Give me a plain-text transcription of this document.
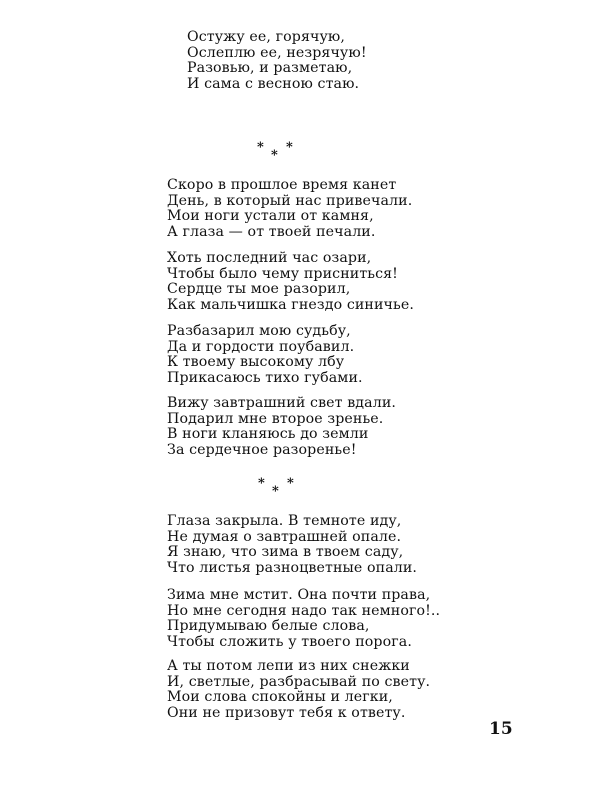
Остужу ее, горячую,
Ослеплю ее, незрячую!
Разовью, и разметаю,
И сама с весною стаю.
*
*
*
Скоро в прошлое время канет
День, в который нас привечали.
Мои ноги устали от камня,
А глаза — от твоей печали.
Хоть последний час озари,
Чтобы было чему присниться!
Сердце ты мое разорил,
Как мальчишка гнездо синичье.
Разбазарил мою судьбу,
Да и гордости поубавил.
К твоему высокому лбу
Прикасаюсь тихо губами.
Вижу завтрашний свет вдали.
Подарил мне второе зренье.
В ноги кланяюсь до земли
За сердечное разоренье!
*
*
*
Глаза закрыла. В темноте иду,
Не думая о завтрашней опале.
Я знаю, что зима в твоем саду,
Что листья разноцветные опали.
Зима мне мстит. Она почти права,
Но мне сегодня надо так немного!..
Придумываю белые слова,
Чтобы сложить у твоего порога.
А ты потом лепи из них снежки
И, светлые, разбрасывай по свету.
Мои слова спокойны и легки,
Они не призовут тебя к ответу.
15
